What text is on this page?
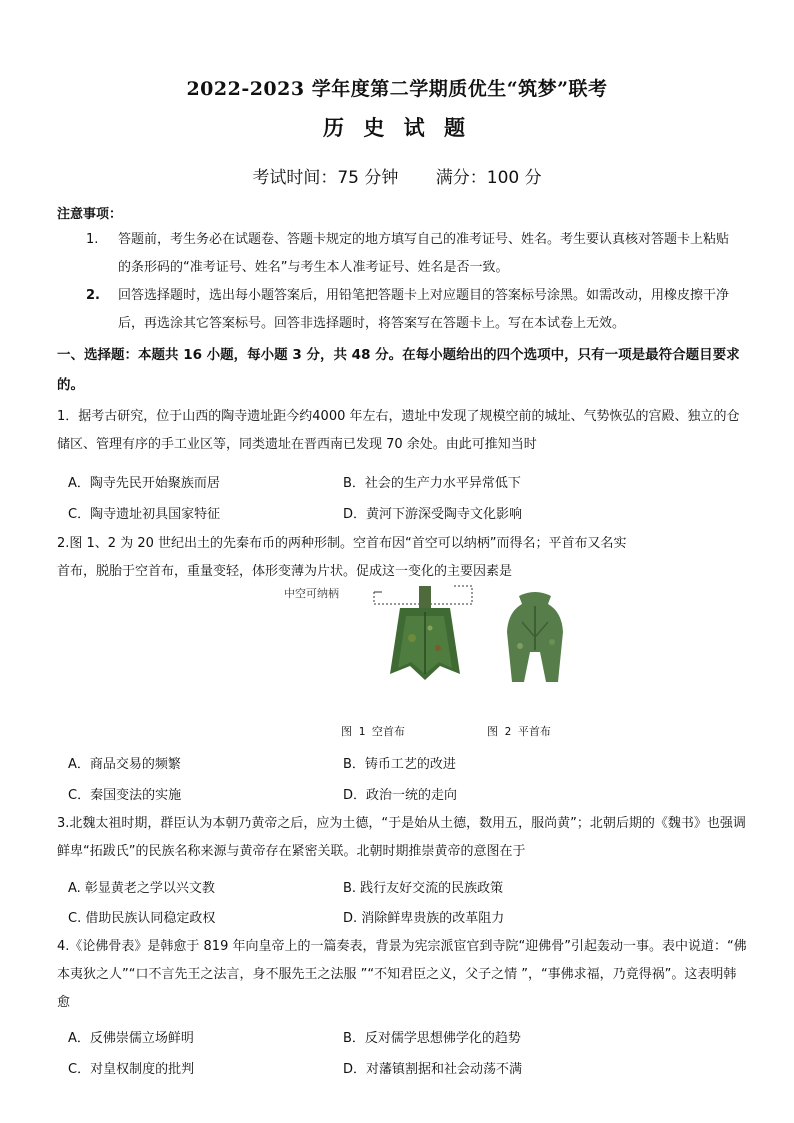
2022-2023 学年度第二学期质优生“筑梦”联考
历 史 试 题
考试时间：75 分钟 满分：100 分
注意事项：
1.	答题前，考生务必在试题卷、答题卡规定的地方填写自己的准考证号、姓名。考生要认真核对答题卡上粘贴的条形码的“准考证号、姓名”与考生本人准考证号、姓名是否一致。
2.	回答选择题时，选出每小题答案后，用铅笔把答题卡上对应题目的答案标号涂黑。如需改动，用橡皮擦干净后，再选涂其它答案标号。回答非选择题时，将答案写在答题卡上。写在本试卷上无效。
一、选择题：本题共 16 小题，每小题 3 分，共 48 分。在每小题给出的四个选项中，只有一项是最符合题目要求的。
1．据考古研究，位于山西的陶寺遗址距今约4000 年左右，遗址中发现了规模空前的城址、气势恢弘的宫殿、独立的仓储区、管理有序的手工业区等，同类遗址在晋西南已发现 70 余处。由此可推知当时
A．陶寺先民开始聚族而居	B．社会的生产力水平异常低下
C．陶寺遗址初具国家特征	D．黄河下游深受陶寺文化影响
2.图 1、2 为 20 世纪出土的先秦布币的两种形制。空首布因“首空可以纳柄”而得名；平首布又名实首布，脱胎于空首布，重量变轻，体形变薄为片状。促成这一变化的主要因素是
中空可纳柄
图 1 空首布	图 2 平首布
A．商品交易的频繁	B．铸币工艺的改进
C．秦国变法的实施	D．政治一统的走向
3.北魏太祖时期，群臣认为本朝乃黄帝之后，应为土德，“于是始从土德，数用五，服尚黄”；北朝后期的《魏书》也强调鲜卑“拓跋氏”的民族名称来源与黄帝存在紧密关联。北朝时期推崇黄帝的意图在于
A. 彰显黄老之学以兴文教	B. 践行友好交流的民族政策
C. 借助民族认同稳定政权	D. 消除鲜卑贵族的改革阻力
4.《论佛骨表》是韩愈于 819 年向皇帝上的一篇奏表，背景为宪宗派宦官到寺院“迎佛骨”引起轰动一事。表中说道：“佛本夷狄之人”“口不言先王之法言，身不服先王之法服 ”“不知君臣之义，父子之情 ”，“事佛求福，乃竟得祸”。这表明韩愈
A．反佛崇儒立场鲜明	B．反对儒学思想佛学化的趋势
C．对皇权制度的批判	D．对藩镇割据和社会动荡不满
